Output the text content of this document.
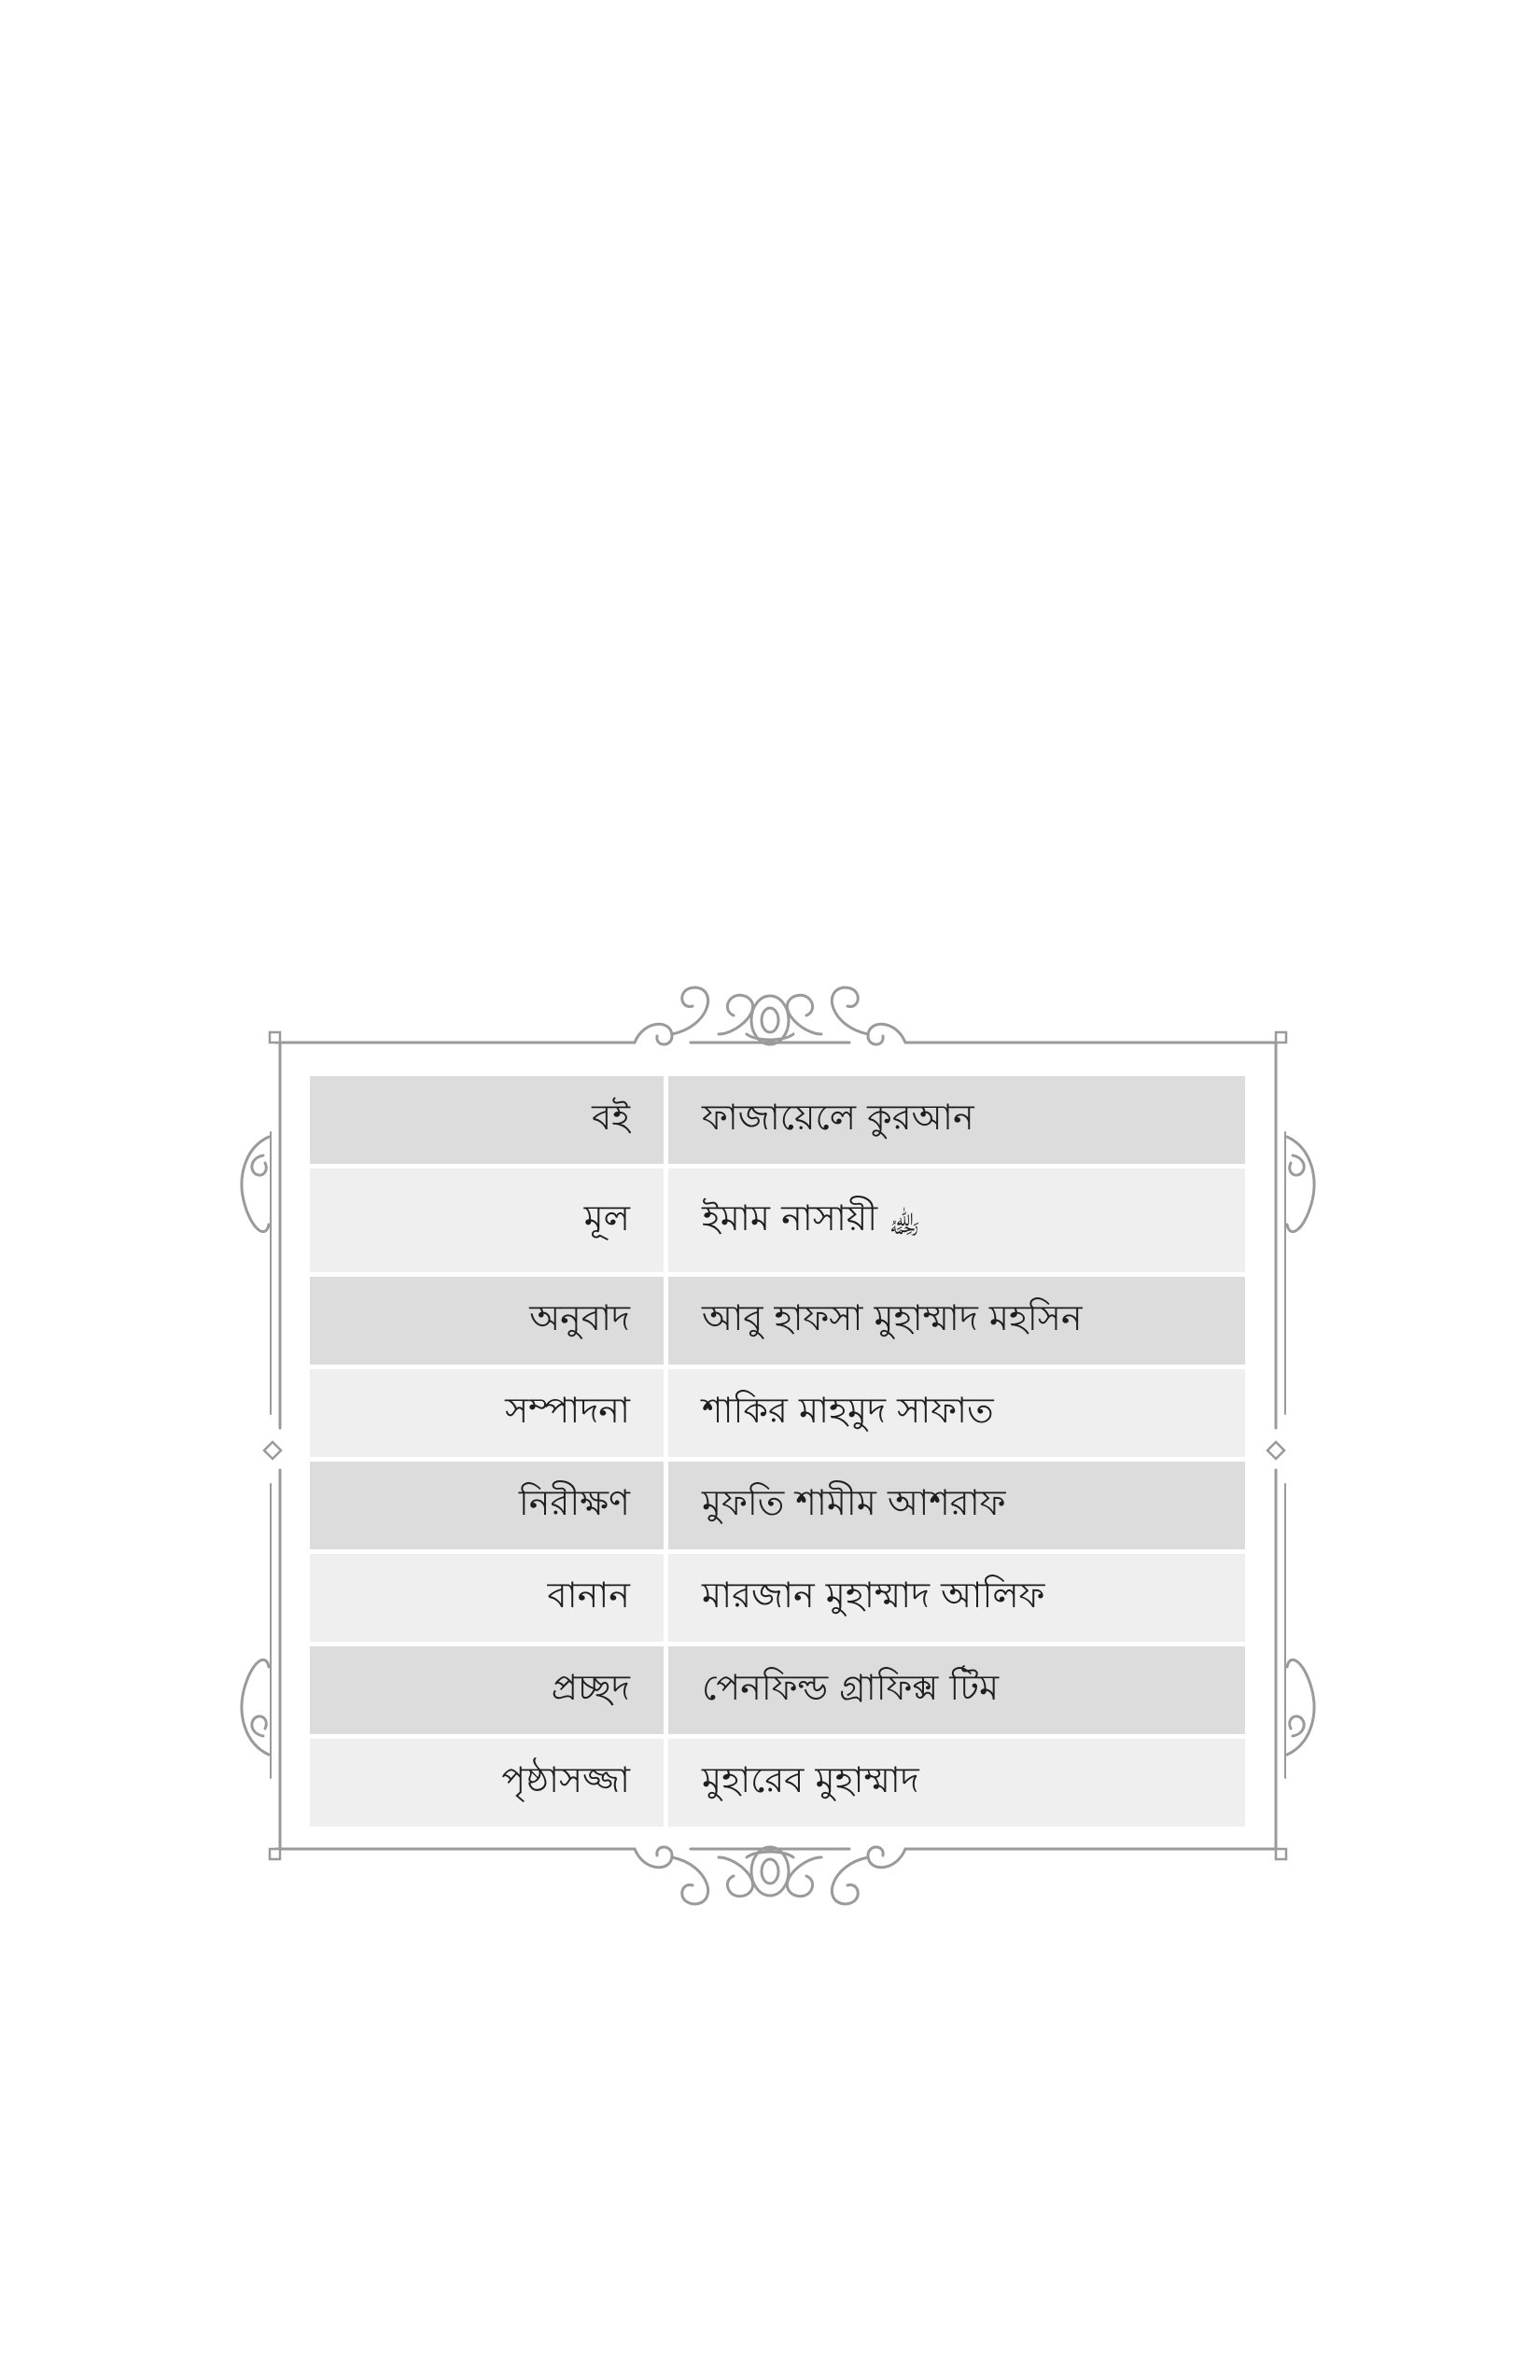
বই	ফাজায়েলে কুরআন
মূল	ইমাম নাসায়ী ﵀
অনুবাদ	আবু হাফসা মুহাম্মাদ মহসিন
সম্পাদনা	শাকির মাহমুদ সাফাত
নিরীক্ষণ	মুফতি শামীম আশরাফ
বানান	মারজান মুহাম্মাদ আলিফ
প্রচ্ছদ	পেনফিল্ড গ্রাফিক্স টিম
পৃষ্ঠাসজ্জা	মুহারেব মুহাম্মাদ
